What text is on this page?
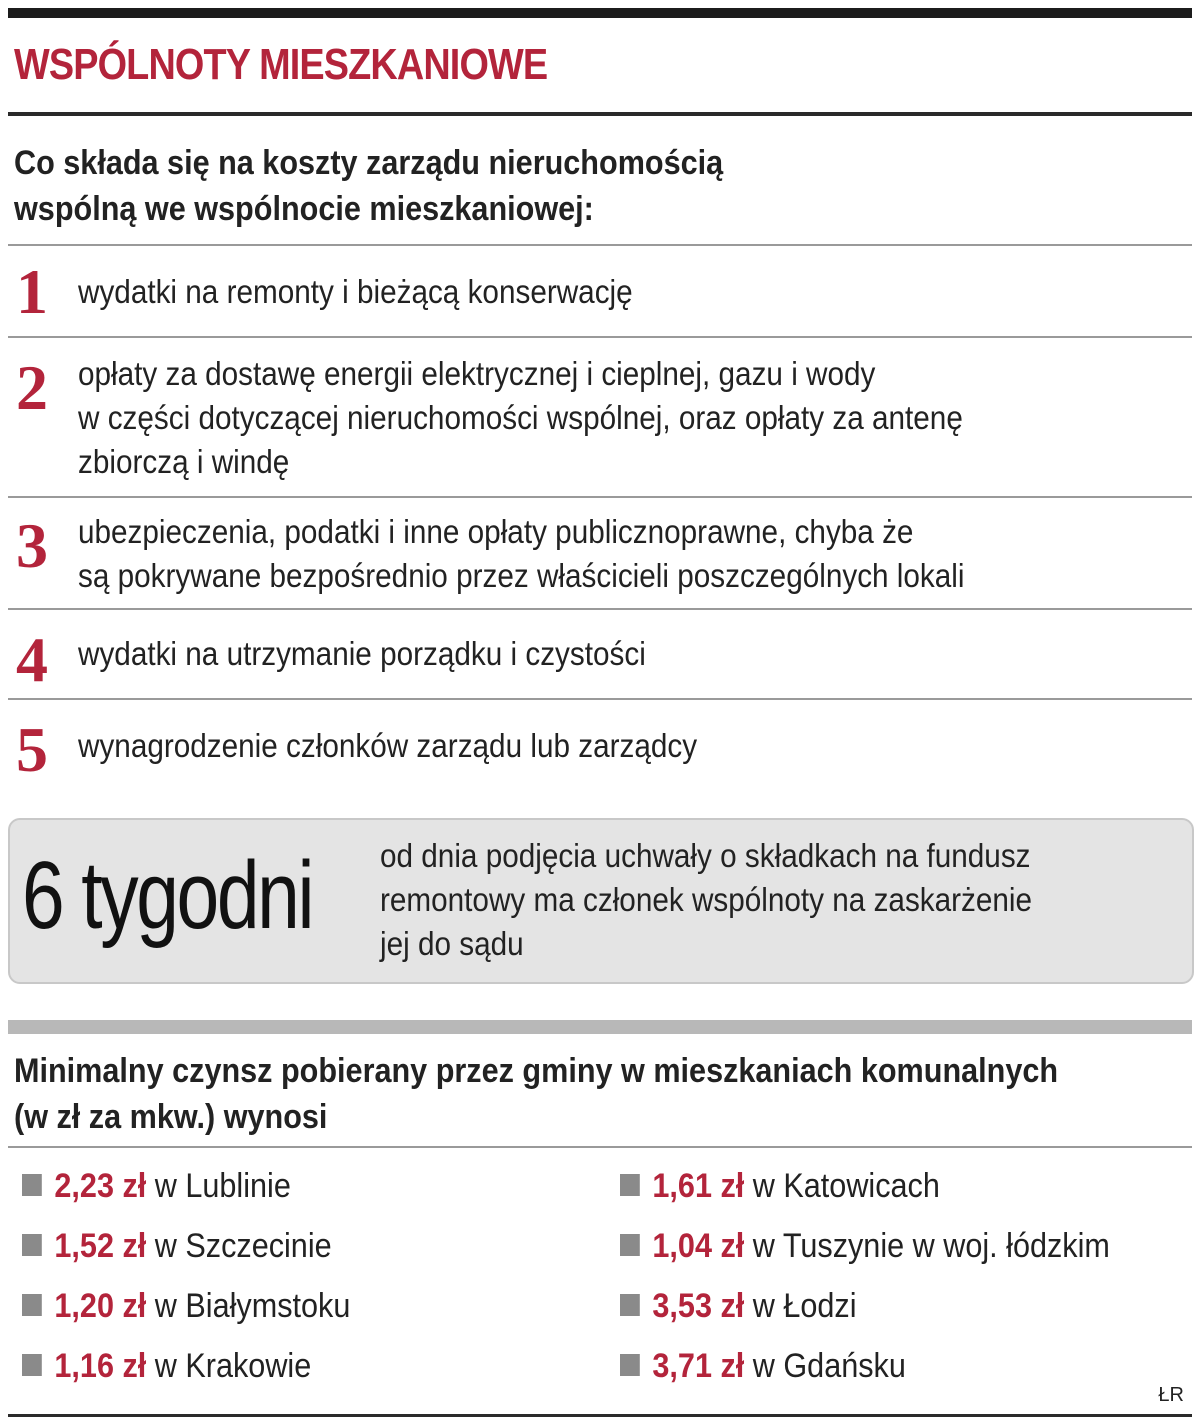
WSPÓLNOTY MIESZKANIOWE
Co składa się na koszty zarządu nieruchomością
wspólną we wspólnocie mieszkaniowej:
1 wydatki na remonty i bieżącą konserwację
2 opłaty za dostawę energii elektrycznej i cieplnej, gazu i wody
w części dotyczącej nieruchomości wspólnej, oraz opłaty za antenę
zbiorczą i windę
3 ubezpieczenia, podatki i inne opłaty publicznoprawne, chyba że
są pokrywane bezpośrednio przez właścicieli poszczególnych lokali
4 wydatki na utrzymanie porządku i czystości
5 wynagrodzenie członków zarządu lub zarządcy
6 tygodni od dnia podjęcia uchwały o składkach na fundusz
remontowy ma członek wspólnoty na zaskarżenie
jej do sądu
Minimalny czynsz pobierany przez gminy w mieszkaniach komunalnych
(w zł za mkw.) wynosi
2,23 zł w Lublinie
1,52 zł w Szczecinie
1,20 zł w Białymstoku
1,16 zł w Krakowie
1,61 zł w Katowicach
1,04 zł w Tuszynie w woj. łódzkim
3,53 zł w Łodzi
3,71 zł w Gdańsku
ŁR
